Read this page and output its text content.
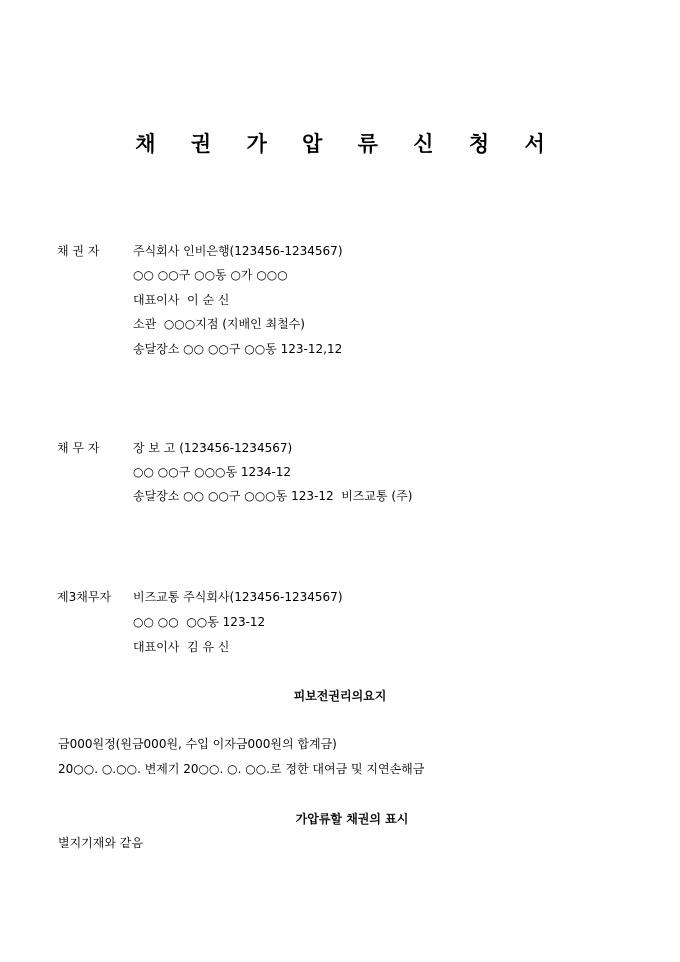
채 권 가 압 류 신 청 서
채 권 자	주식회사 인비은행(123456-1234567)
○○ ○○구 ○○동 ○가 ○○○
대표이사  이 순 신
소관  ○○○지점 (지배인 최철수)
송달장소 ○○ ○○구 ○○동 123-12,12
채 무 자	장 보 고 (123456-1234567)
○○ ○○구 ○○○동 1234-12
송달장소 ○○ ○○구 ○○○동 123-12  비즈교통 (주)
제3채무자 비즈교통 주식회사(123456-1234567)
○○ ○○  ○○동 123-12
대표이사  김 유 신
피보전권리의요지
금000원정(원금000원, 수입 이자금000원의 합계금)
20○○. ○.○○. 변제기 20○○. ○. ○○.로 정한 대여금 및 지연손해금
가압류할 채권의 표시
별지기재와 같음
